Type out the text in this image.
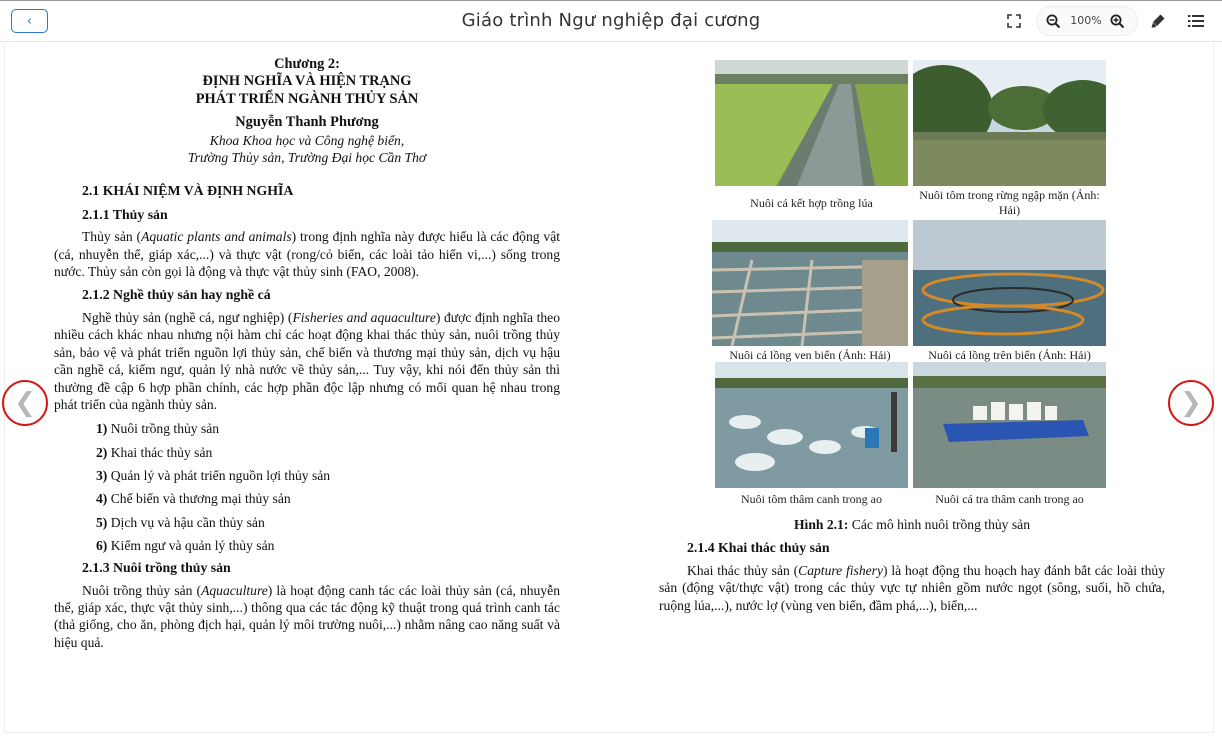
‹	Giáo trình Ngư nghiệp đại cương	100%
Chương 2:
ĐỊNH NGHĨA VÀ HIỆN TRẠNG
PHÁT TRIỂN NGÀNH THỦY SẢN
Nguyễn Thanh Phương
Khoa Khoa học và Công nghệ biển,
Trường Thủy sản, Trường Đại học Cần Thơ
2.1 KHÁI NIỆM VÀ ĐỊNH NGHĨA
2.1.1 Thủy sản
Thủy sản (Aquatic plants and animals) trong định nghĩa này được hiểu là các động vật (cá, nhuyễn thể, giáp xác,...) và thực vật (rong/cỏ biển, các loài tảo hiển vi,...) sống trong nước. Thủy sản còn gọi là động và thực vật thủy sinh (FAO, 2008).
2.1.2 Nghề thủy sản hay nghề cá
Nghề thủy sản (nghề cá, ngư nghiệp) (Fisheries and aquaculture) được định nghĩa theo nhiều cách khác nhau nhưng nội hàm chỉ các hoạt động khai thác thủy sản, nuôi trồng thủy sản, bảo vệ và phát triển nguồn lợi thủy sản, chế biến và thương mại thủy sản, dịch vụ hậu cần nghề cá, kiểm ngư, quản lý nhà nước về thủy sản,... Tuy vậy, khi nói đến thủy sản thì thường đề cập 6 hợp phần chính, các hợp phần độc lập nhưng có mối quan hệ nhau trong phát triển của ngành thủy sản.
1) Nuôi trồng thủy sản
2) Khai thác thủy sản
3) Quản lý và phát triển nguồn lợi thủy sản
4) Chế biến và thương mại thủy sản
5) Dịch vụ và hậu cần thủy sản
6) Kiểm ngư và quản lý thủy sản
2.1.3 Nuôi trồng thủy sản
Nuôi trồng thủy sản (Aquaculture) là hoạt động canh tác các loài thủy sản (cá, nhuyễn thể, giáp xác, thực vật thủy sinh,...) thông qua các tác động kỹ thuật trong quá trình canh tác (thả giống, cho ăn, phòng địch hại, quản lý môi trường nuôi,...) nhằm nâng cao năng suất và hiệu quả.
Nuôi cá kết hợp trồng lúa
Nuôi tôm trong rừng ngập mặn (Ảnh: Hải)
Nuôi cá lồng ven biển (Ảnh: Hải)	Nuôi cá lồng trên biển (Ảnh: Hải)
Nuôi tôm thâm canh trong ao	Nuôi cá tra thâm canh trong ao
Hình 2.1: Các mô hình nuôi trồng thủy sản
2.1.4 Khai thác thủy sản
Khai thác thủy sản (Capture fishery) là hoạt động thu hoạch hay đánh bắt các loài thủy sản (động vật/thực vật) trong các thủy vực tự nhiên gồm nước ngọt (sông, suối, hồ chứa, ruộng lúa,...), nước lợ (vùng ven biển, đầm phá,...), biển,...
❮	❯
